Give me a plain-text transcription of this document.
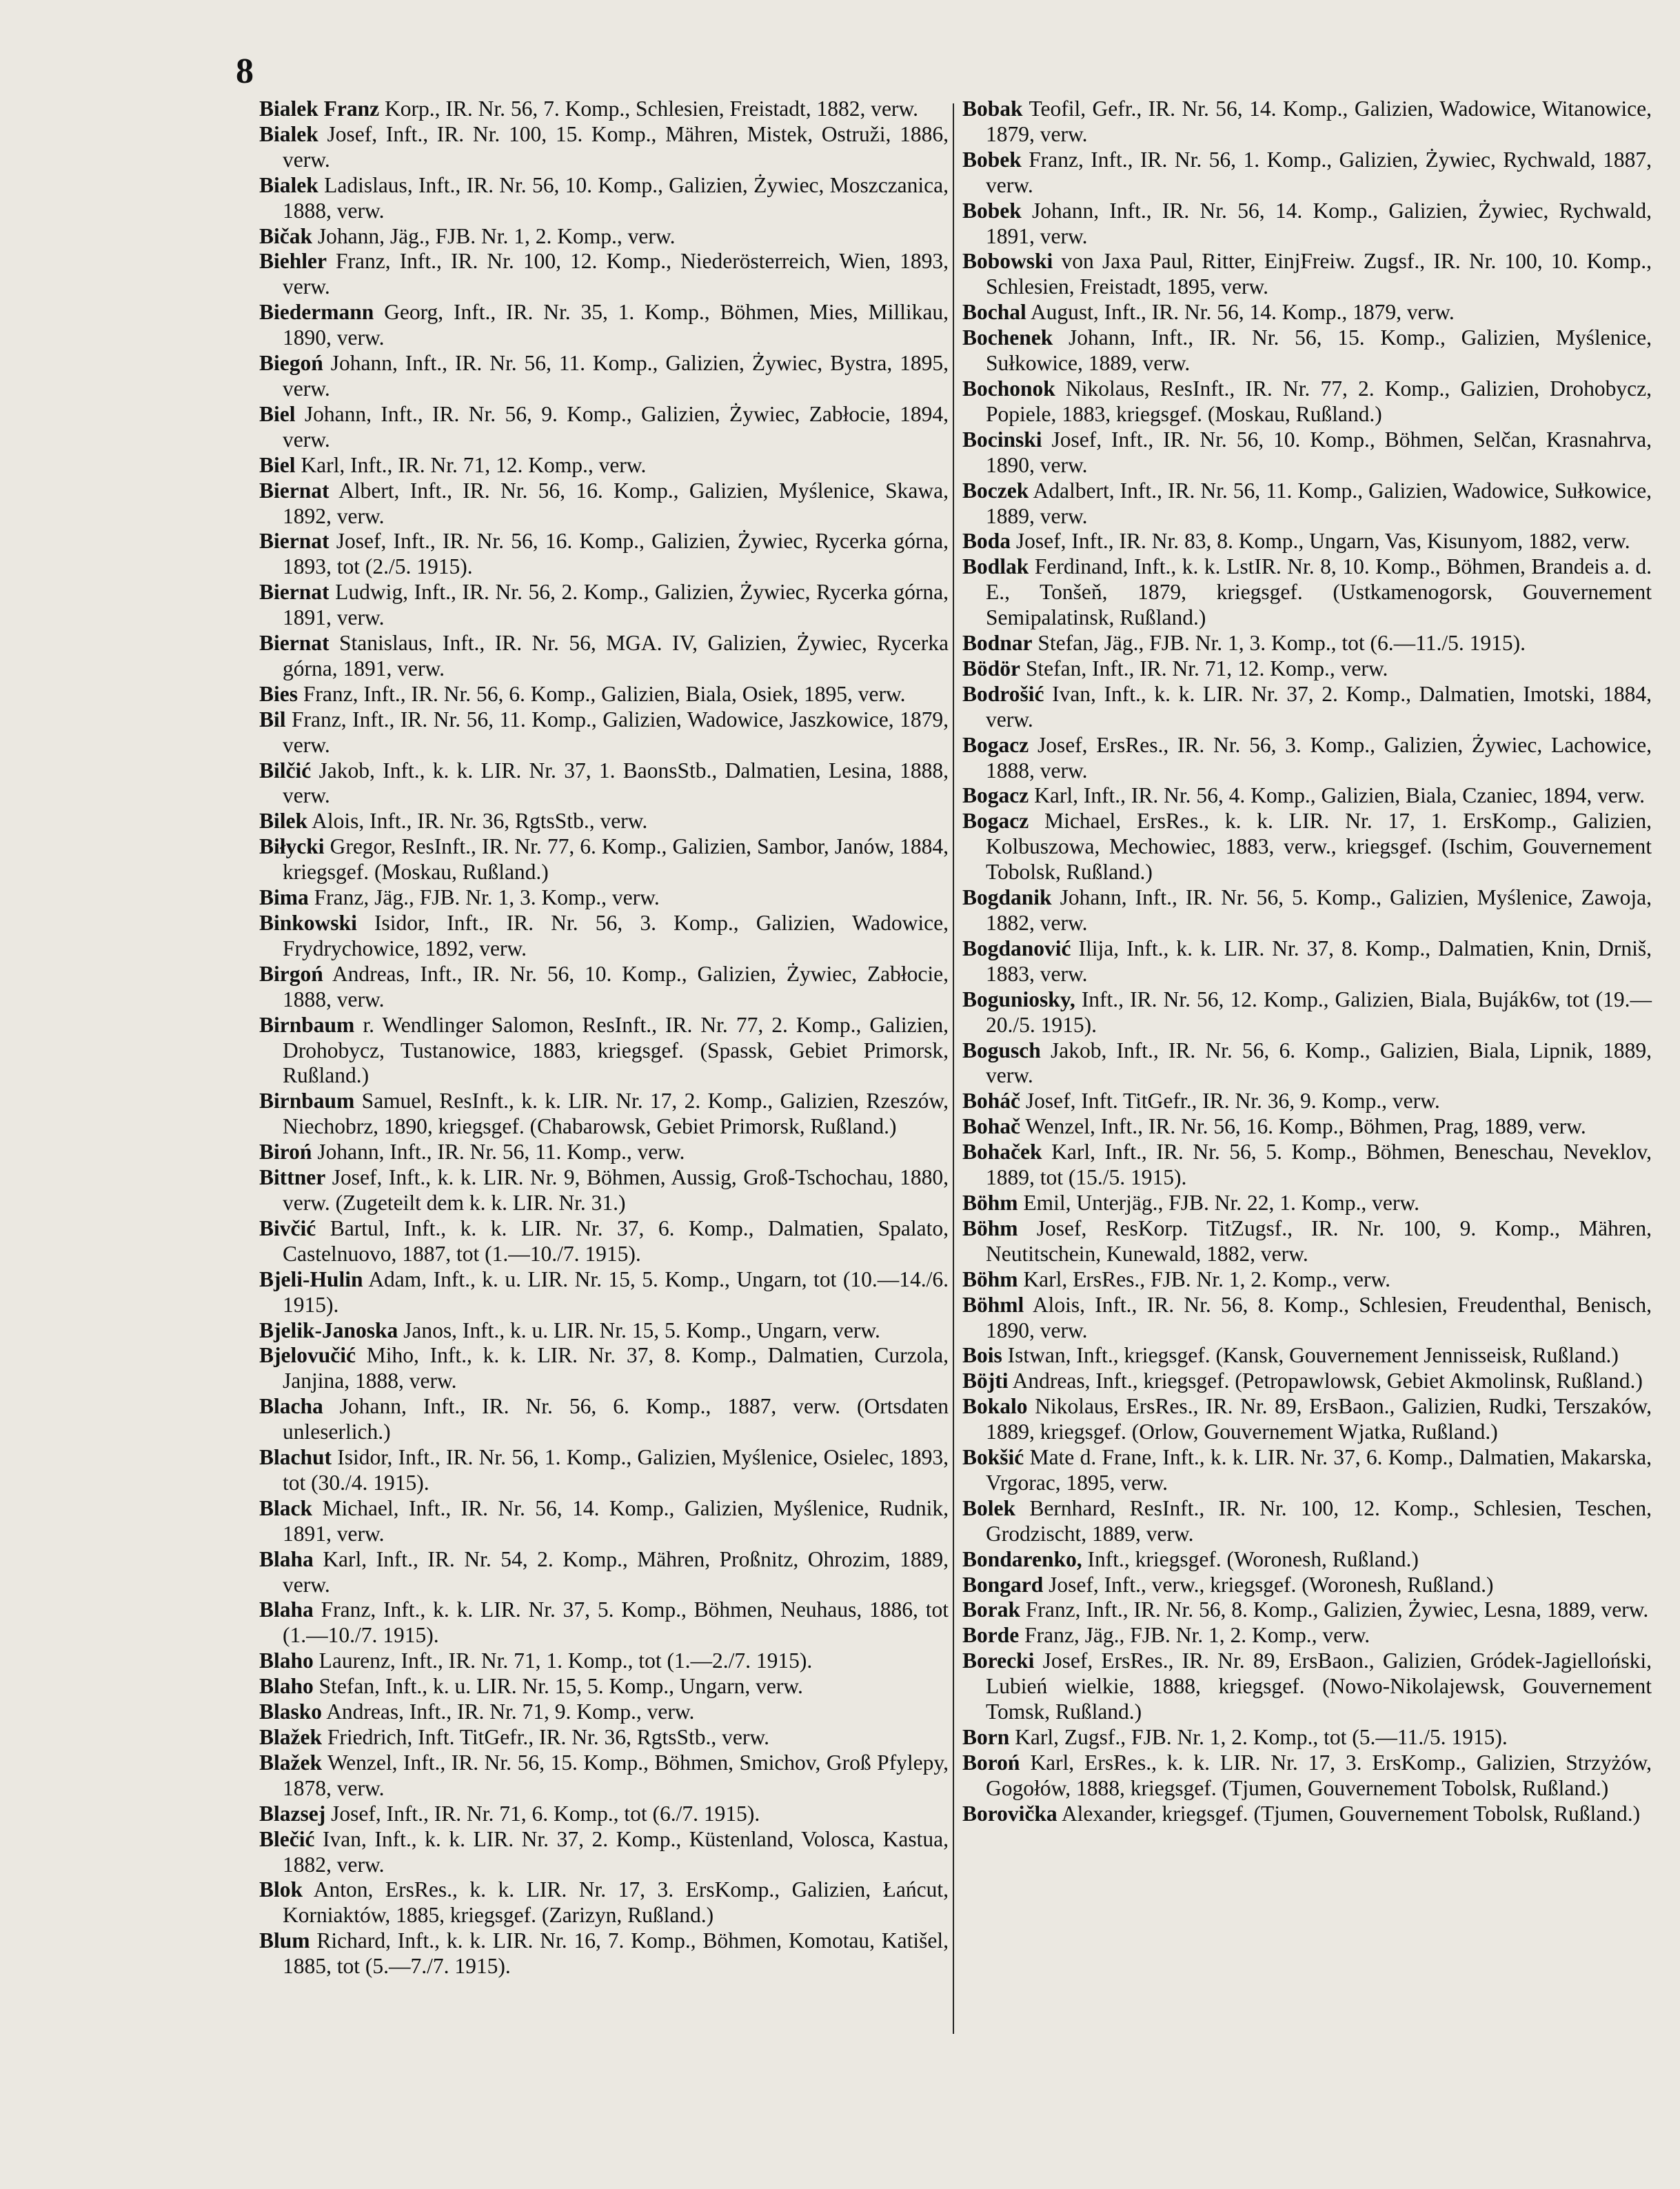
8

Bialek Franz Korp., IR. Nr. 56, 7. Komp., Schlesien, Freistadt, 1882, verw.

Bialek Josef, Inft., IR. Nr. 100, 15. Komp., Mähren, Mistek, Ostruži, 1886, verw.

Bialek Ladislaus, Inft., IR. Nr. 56, 10. Komp., Galizien, Żywiec, Moszczanica, 1888, verw.

Bičak Johann, Jäg., FJB. Nr. 1, 2. Komp., verw.

Biehler Franz, Inft., IR. Nr. 100, 12. Komp., Niederösterreich, Wien, 1893, verw.

Biedermann Georg, Inft., IR. Nr. 35, 1. Komp., Böhmen, Mies, Millikau, 1890, verw.

Biegoń Johann, Inft., IR. Nr. 56, 11. Komp., Galizien, Żywiec, Bystra, 1895, verw.

Biel Johann, Inft., IR. Nr. 56, 9. Komp., Galizien, Żywiec, Zabłocie, 1894, verw.

Biel Karl, Inft., IR. Nr. 71, 12. Komp., verw.

Biernat Albert, Inft., IR. Nr. 56, 16. Komp., Galizien, Myślenice, Skawa, 1892, verw.

Biernat Josef, Inft., IR. Nr. 56, 16. Komp., Galizien, Żywiec, Rycerka górna, 1893, tot (2./5. 1915).

Biernat Ludwig, Inft., IR. Nr. 56, 2. Komp., Galizien, Żywiec, Rycerka górna, 1891, verw.

Biernat Stanislaus, Inft., IR. Nr. 56, MGA. IV, Galizien, Żywiec, Rycerka górna, 1891, verw.

Bies Franz, Inft., IR. Nr. 56, 6. Komp., Galizien, Biala, Osiek, 1895, verw.

Bil Franz, Inft., IR. Nr. 56, 11. Komp., Galizien, Wadowice, Jaszkowice, 1879, verw.

Bilčić Jakob, Inft., k. k. LIR. Nr. 37, 1. BaonsStb., Dalmatien, Lesina, 1888, verw.

Bilek Alois, Inft., IR. Nr. 36, RgtsStb., verw.

Biłycki Gregor, ResInft., IR. Nr. 77, 6. Komp., Galizien, Sambor, Janów, 1884, kriegsgef. (Moskau, Rußland.)

Bima Franz, Jäg., FJB. Nr. 1, 3. Komp., verw.

Binkowski Isidor, Inft., IR. Nr. 56, 3. Komp., Galizien, Wadowice, Frydrychowice, 1892, verw.

Birgoń Andreas, Inft., IR. Nr. 56, 10. Komp., Galizien, Żywiec, Zabłocie, 1888, verw.

Birnbaum r. Wendlinger Salomon, ResInft., IR. Nr. 77, 2. Komp., Galizien, Drohobycz, Tustanowice, 1883, kriegsgef. (Spassk, Gebiet Primorsk, Rußland.)

Birnbaum Samuel, ResInft., k. k. LIR. Nr. 17, 2. Komp., Galizien, Rzeszów, Niechobrz, 1890, kriegsgef. (Chabarowsk, Gebiet Primorsk, Rußland.)

Biroń Johann, Inft., IR. Nr. 56, 11. Komp., verw.

Bittner Josef, Inft., k. k. LIR. Nr. 9, Böhmen, Aussig, Groß-Tschochau, 1880, verw. (Zugeteilt dem k. k. LIR. Nr. 31.)

Bivčić Bartul, Inft., k. k. LIR. Nr. 37, 6. Komp., Dalmatien, Spalato, Castelnuovo, 1887, tot (1.—10./7. 1915).

Bjeli-Hulin Adam, Inft., k. u. LIR. Nr. 15, 5. Komp., Ungarn, tot (10.—14./6. 1915).

Bjelik-Janoska Janos, Inft., k. u. LIR. Nr. 15, 5. Komp., Ungarn, verw.

Bjelovučić Miho, Inft., k. k. LIR. Nr. 37, 8. Komp., Dalmatien, Curzola, Janjina, 1888, verw.

Blacha Johann, Inft., IR. Nr. 56, 6. Komp., 1887, verw. (Ortsdaten unleserlich.)

Blachut Isidor, Inft., IR. Nr. 56, 1. Komp., Galizien, Myślenice, Osielec, 1893, tot (30./4. 1915).

Black Michael, Inft., IR. Nr. 56, 14. Komp., Galizien, Myślenice, Rudnik, 1891, verw.

Blaha Karl, Inft., IR. Nr. 54, 2. Komp., Mähren, Proßnitz, Ohrozim, 1889, verw.

Blaha Franz, Inft., k. k. LIR. Nr. 37, 5. Komp., Böhmen, Neuhaus, 1886, tot (1.—10./7. 1915).

Blaho Laurenz, Inft., IR. Nr. 71, 1. Komp., tot (1.—2./7. 1915).

Blaho Stefan, Inft., k. u. LIR. Nr. 15, 5. Komp., Ungarn, verw.

Blasko Andreas, Inft., IR. Nr. 71, 9. Komp., verw.

Blažek Friedrich, Inft. TitGefr., IR. Nr. 36, RgtsStb., verw.

Blažek Wenzel, Inft., IR. Nr. 56, 15. Komp., Böhmen, Smichov, Groß Pfylepy, 1878, verw.

Blazsej Josef, Inft., IR. Nr. 71, 6. Komp., tot (6./7. 1915).

Blečić Ivan, Inft., k. k. LIR. Nr. 37, 2. Komp., Küstenland, Volosca, Kastua, 1882, verw.

Blok Anton, ErsRes., k. k. LIR. Nr. 17, 3. ErsKomp., Galizien, Łańcut, Korniaktów, 1885, kriegsgef. (Zarizyn, Rußland.)

Blum Richard, Inft., k. k. LIR. Nr. 16, 7. Komp., Böhmen, Komotau, Katišel, 1885, tot (5.—7./7. 1915).

Bobak Teofil, Gefr., IR. Nr. 56, 14. Komp., Galizien, Wadowice, Witanowice, 1879, verw.

Bobek Franz, Inft., IR. Nr. 56, 1. Komp., Galizien, Żywiec, Rychwald, 1887, verw.

Bobek Johann, Inft., IR. Nr. 56, 14. Komp., Galizien, Żywiec, Rychwald, 1891, verw.

Bobowski von Jaxa Paul, Ritter, EinjFreiw. Zugsf., IR. Nr. 100, 10. Komp., Schlesien, Freistadt, 1895, verw.

Bochal August, Inft., IR. Nr. 56, 14. Komp., 1879, verw.

Bochenek Johann, Inft., IR. Nr. 56, 15. Komp., Galizien, Myślenice, Sułkowice, 1889, verw.

Bochonok Nikolaus, ResInft., IR. Nr. 77, 2. Komp., Galizien, Drohobycz, Popiele, 1883, kriegsgef. (Moskau, Rußland.)

Bocinski Josef, Inft., IR. Nr. 56, 10. Komp., Böhmen, Selčan, Krasnahrva, 1890, verw.

Boczek Adalbert, Inft., IR. Nr. 56, 11. Komp., Galizien, Wadowice, Sułkowice, 1889, verw.

Boda Josef, Inft., IR. Nr. 83, 8. Komp., Ungarn, Vas, Kisunyom, 1882, verw.

Bodlak Ferdinand, Inft., k. k. LstIR. Nr. 8, 10. Komp., Böhmen, Brandeis a. d. E., Tonšeň, 1879, kriegsgef. (Ustkamenogorsk, Gouvernement Semipalatinsk, Rußland.)

Bodnar Stefan, Jäg., FJB. Nr. 1, 3. Komp., tot (6.—11./5. 1915).

Bödör Stefan, Inft., IR. Nr. 71, 12. Komp., verw.

Bodrošić Ivan, Inft., k. k. LIR. Nr. 37, 2. Komp., Dalmatien, Imotski, 1884, verw.

Bogacz Josef, ErsRes., IR. Nr. 56, 3. Komp., Galizien, Żywiec, Lachowice, 1888, verw.

Bogacz Karl, Inft., IR. Nr. 56, 4. Komp., Galizien, Biala, Czaniec, 1894, verw.

Bogacz Michael, ErsRes., k. k. LIR. Nr. 17, 1. ErsKomp., Galizien, Kolbuszowa, Mechowiec, 1883, verw., kriegsgef. (Ischim, Gouvernement Tobolsk, Rußland.)

Bogdanik Johann, Inft., IR. Nr. 56, 5. Komp., Galizien, Myślenice, Zawoja, 1882, verw.

Bogdanović Ilija, Inft., k. k. LIR. Nr. 37, 8. Komp., Dalmatien, Knin, Drniš, 1883, verw.

Boguniosky, Inft., IR. Nr. 56, 12. Komp., Galizien, Biala, Buják6w, tot (19.—20./5. 1915).

Bogusch Jakob, Inft., IR. Nr. 56, 6. Komp., Galizien, Biala, Lipnik, 1889, verw.

Boháč Josef, Inft. TitGefr., IR. Nr. 36, 9. Komp., verw.

Bohač Wenzel, Inft., IR. Nr. 56, 16. Komp., Böhmen, Prag, 1889, verw.

Bohaček Karl, Inft., IR. Nr. 56, 5. Komp., Böhmen, Beneschau, Neveklov, 1889, tot (15./5. 1915).

Böhm Emil, Unterjäg., FJB. Nr. 22, 1. Komp., verw.

Böhm Josef, ResKorp. TitZugsf., IR. Nr. 100, 9. Komp., Mähren, Neutitschein, Kunewald, 1882, verw.

Böhm Karl, ErsRes., FJB. Nr. 1, 2. Komp., verw.

Böhml Alois, Inft., IR. Nr. 56, 8. Komp., Schlesien, Freudenthal, Benisch, 1890, verw.

Bois Istwan, Inft., kriegsgef. (Kansk, Gouvernement Jennisseisk, Rußland.)

Böjti Andreas, Inft., kriegsgef. (Petropawlowsk, Gebiet Akmolinsk, Rußland.)

Bokalo Nikolaus, ErsRes., IR. Nr. 89, ErsBaon., Galizien, Rudki, Terszaków, 1889, kriegsgef. (Orlow, Gouvernement Wjatka, Rußland.)

Bokšić Mate d. Frane, Inft., k. k. LIR. Nr. 37, 6. Komp., Dalmatien, Makarska, Vrgorac, 1895, verw.

Bolek Bernhard, ResInft., IR. Nr. 100, 12. Komp., Schlesien, Teschen, Grodzischt, 1889, verw.

Bondarenko, Inft., kriegsgef. (Woronesh, Rußland.)

Bongard Josef, Inft., verw., kriegsgef. (Woronesh, Rußland.)

Borak Franz, Inft., IR. Nr. 56, 8. Komp., Galizien, Żywiec, Lesna, 1889, verw.

Borde Franz, Jäg., FJB. Nr. 1, 2. Komp., verw.

Borecki Josef, ErsRes., IR. Nr. 89, ErsBaon., Galizien, Gródek-Jagielloński, Lubień wielkie, 1888, kriegsgef. (Nowo-Nikolajewsk, Gouvernement Tomsk, Rußland.)

Born Karl, Zugsf., FJB. Nr. 1, 2. Komp., tot (5.—11./5. 1915).

Boroń Karl, ErsRes., k. k. LIR. Nr. 17, 3. ErsKomp., Galizien, Strzyżów, Gogołów, 1888, kriegsgef. (Tjumen, Gouvernement Tobolsk, Rußland.)

Borovička Alexander, kriegsgef. (Tjumen, Gouvernement Tobolsk, Rußland.)
